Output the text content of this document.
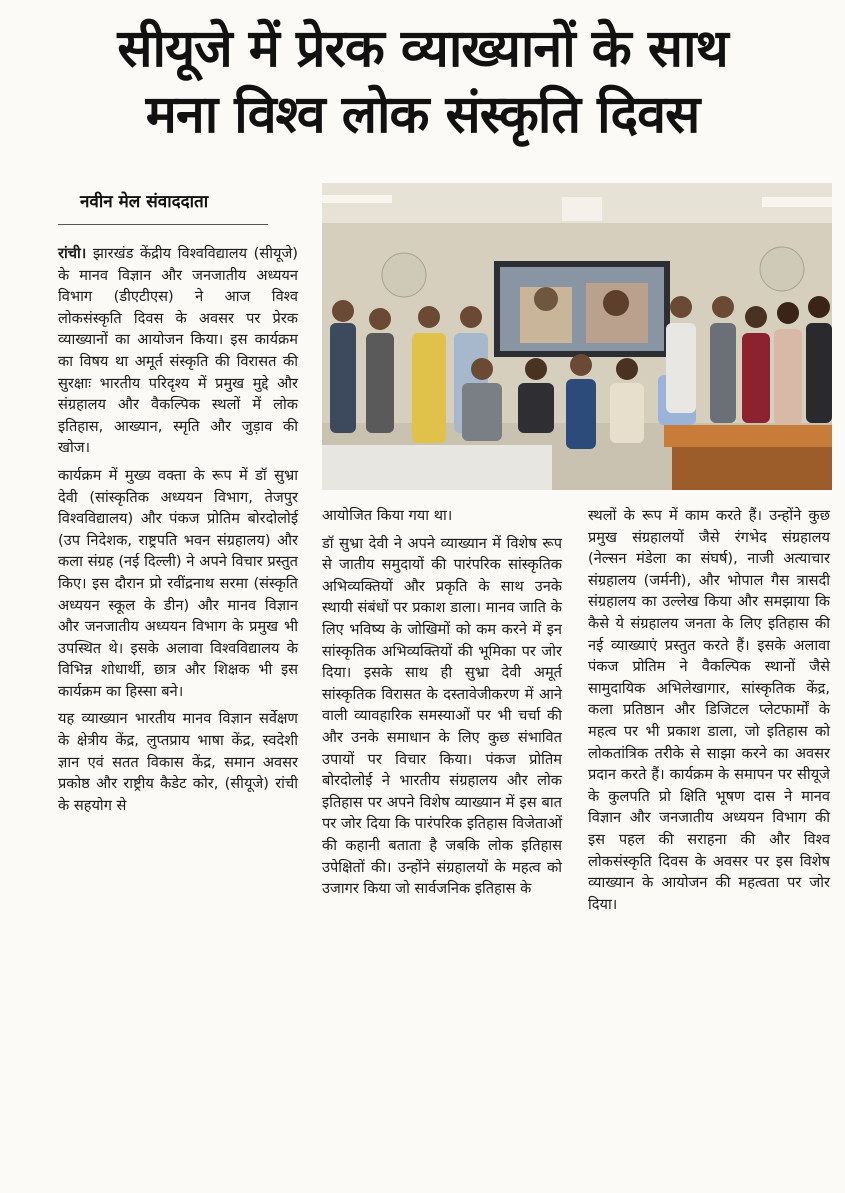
सीयूजे में प्रेरक व्याख्यानों के साथ
मना विश्व लोक संस्कृति दिवस
नवीन मेल संवाददाता

रांची। झारखंड केंद्रीय विश्वविद्यालय (सीयूजे) के मानव विज्ञान और जनजातीय अध्ययन विभाग (डीएटीएस) ने आज विश्व लोकसंस्कृति दिवस के अवसर पर प्रेरक व्याख्यानों का आयोजन किया। इस कार्यक्रम का विषय था अमूर्त संस्कृति की विरासत की सुरक्षाः भारतीय परिदृश्य में प्रमुख मुद्दे और संग्रहालय और वैकल्पिक स्थलों में लोक इतिहास, आख्यान, स्मृति और जुड़ाव की खोज।

कार्यक्रम में मुख्य वक्ता के रूप में डॉ सुभ्रा देवी (सांस्कृतिक अध्ययन विभाग, तेजपुर विश्वविद्यालय) और पंकज प्रोतिम बोरदोलोई (उप निदेशक, राष्ट्रपति भवन संग्रहालय) और कला संग्रह (नई दिल्ली) ने अपने विचार प्रस्तुत किए। इस दौरान प्रो रवींद्रनाथ सरमा (संस्कृति अध्ययन स्कूल के डीन) और मानव विज्ञान और जनजातीय अध्ययन विभाग के प्रमुख भी उपस्थित थे। इसके अलावा विश्वविद्यालय के विभिन्न शोधार्थी, छात्र और शिक्षक भी इस कार्यक्रम का हिस्सा बने।

यह व्याख्यान भारतीय मानव विज्ञान सर्वेक्षण के क्षेत्रीय केंद्र, लुप्तप्राय भाषा केंद्र, स्वदेशी ज्ञान एवं सतत विकास केंद्र, समान अवसर प्रकोष्ठ और राष्ट्रीय कैडेट कोर, (सीयूजे) रांची के सहयोग से

आयोजित किया गया था।

डॉ सुभ्रा देवी ने अपने व्याख्यान में विशेष रूप से जातीय समुदायों की पारंपरिक सांस्कृतिक अभिव्यक्तियों और प्रकृति के साथ उनके स्थायी संबंधों पर प्रकाश डाला। मानव जाति के लिए भविष्य के जोखिमों को कम करने में इन सांस्कृतिक अभिव्यक्तियों की भूमिका पर जोर दिया। इसके साथ ही सुभ्रा देवी अमूर्त सांस्कृतिक विरासत के दस्तावेजीकरण में आने वाली व्यावहारिक समस्याओं पर भी चर्चा की और उनके समाधान के लिए कुछ संभावित उपायों पर विचार किया। पंकज प्रोतिम बोरदोलोई ने भारतीय संग्रहालय और लोक इतिहास पर अपने विशेष व्याख्यान में इस बात पर जोर दिया कि पारंपरिक इतिहास विजेताओं की कहानी बताता है जबकि लोक इतिहास उपेक्षितों की। उन्होंने संग्रहालयों के महत्व को उजागर किया जो सार्वजनिक इतिहास के

स्थलों के रूप में काम करते हैं। उन्होंने कुछ प्रमुख संग्रहालयों जैसे रंगभेद संग्रहालय (नेल्सन मंडेला का संघर्ष), नाजी अत्याचार संग्रहालय (जर्मनी), और भोपाल गैस त्रासदी संग्रहालय का उल्लेख किया और समझाया कि कैसे ये संग्रहालय जनता के लिए इतिहास की नई व्याख्याएं प्रस्तुत करते हैं। इसके अलावा पंकज प्रोतिम ने वैकल्पिक स्थानों जैसे सामुदायिक अभिलेखागार, सांस्कृतिक केंद्र, कला प्रतिष्ठान और डिजिटल प्लेटफार्मों के महत्व पर भी प्रकाश डाला, जो इतिहास को लोकतांत्रिक तरीके से साझा करने का अवसर प्रदान करते हैं। कार्यक्रम के समापन पर सीयूजे के कुलपति प्रो क्षिति भूषण दास ने मानव विज्ञान और जनजातीय अध्ययन विभाग की इस पहल की सराहना की और विश्व लोकसंस्कृति दिवस के अवसर पर इस विशेष व्याख्यान के आयोजन की महत्वता पर जोर दिया।
